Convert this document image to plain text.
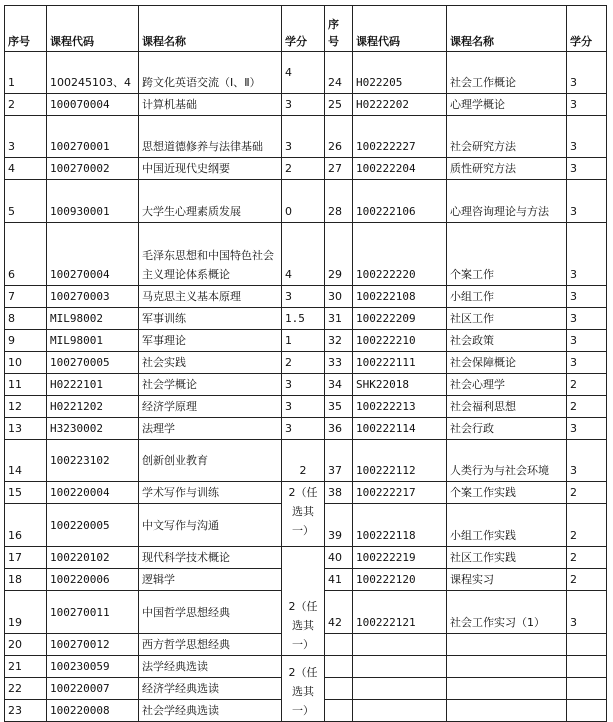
序号	课程代码	课程名称	学分	序号	课程代码	课程名称	学分
1	100245103、4	跨文化英语交流（Ⅰ、Ⅱ）	4	24	H022205	社会工作概论	3
2	100070004	计算机基础	3	25	H0222202	心理学概论	3
3	100270001	思想道德修养与法律基础	3	26	100222227	社会研究方法	3
4	100270002	中国近现代史纲要	2	27	100222204	质性研究方法	3
5	100930001	大学生心理素质发展	0	28	100222106	心理咨询理论与方法	3
6	100270004	毛泽东思想和中国特色社会主义理论体系概论	4	29	100222220	个案工作	3
7	100270003	马克思主义基本原理	3	30	100222108	小组工作	3
8	MIL98002	军事训练	1.5	31	100222209	社区工作	3
9	MIL98001	军事理论	1	32	100222210	社会政策	3
10	100270005	社会实践	2	33	100222111	社会保障概论	3
11	H0222101	社会学概论	3	34	SHK22018	社会心理学	2
12	H0221202	经济学原理	3	35	100222213	社会福利思想	2
13	H3230002	法理学	3	36	100222114	社会行政	3
14	100223102	创新创业教育	2	37	100222112	人类行为与社会环境	3
15	100220004	学术写作与训练	2（任选其一）	38	100222217	个案工作实践	2
16	100220005	中文写作与沟通		39	100222118	小组工作实践	2
17	100220102	现代科学技术概论	2（任选其一）	40	100222219	社区工作实践	2
18	100220006	逻辑学		41	100222120	课程实习	2
19	100270011	中国哲学思想经典		42	100222121	社会工作实习（1）	3
20	100270012	西方哲学思想经典					
21	100230059	法学经典选读	2（任选其一）				
22	100220007	经济学经典选读					
23	100220008	社会学经典选读					
